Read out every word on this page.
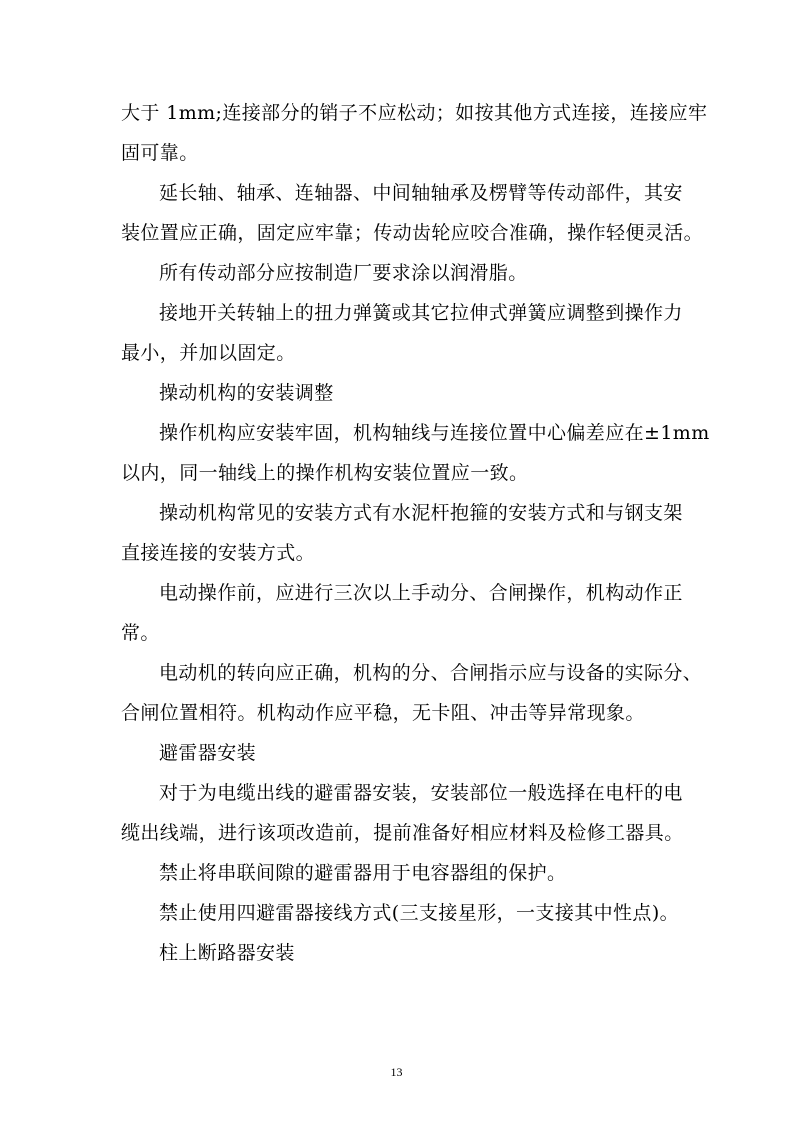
大于 1mm;连接部分的销子不应松动；如按其他方式连接，连接应牢
固可靠。
延长轴、轴承、连轴器、中间轴轴承及楞臂等传动部件，其安
装位置应正确，固定应牢靠；传动齿轮应咬合准确，操作轻便灵活。
所有传动部分应按制造厂要求涂以润滑脂。
接地开关转轴上的扭力弹簧或其它拉伸式弹簧应调整到操作力
最小，并加以固定。
操动机构的安装调整
操作机构应安装牢固，机构轴线与连接位置中心偏差应在±1mm
以内，同一轴线上的操作机构安装位置应一致。
操动机构常见的安装方式有水泥杆抱箍的安装方式和与钢支架
直接连接的安装方式。
电动操作前，应进行三次以上手动分、合闸操作，机构动作正
常。
电动机的转向应正确，机构的分、合闸指示应与设备的实际分、
合闸位置相符。机构动作应平稳，无卡阻、冲击等异常现象。
避雷器安装
对于为电缆出线的避雷器安装，安装部位一般选择在电杆的电
缆出线端，进行该项改造前，提前准备好相应材料及检修工器具。
禁止将串联间隙的避雷器用于电容器组的保护。
禁止使用四避雷器接线方式(三支接星形，一支接其中性点)。
柱上断路器安装
13
